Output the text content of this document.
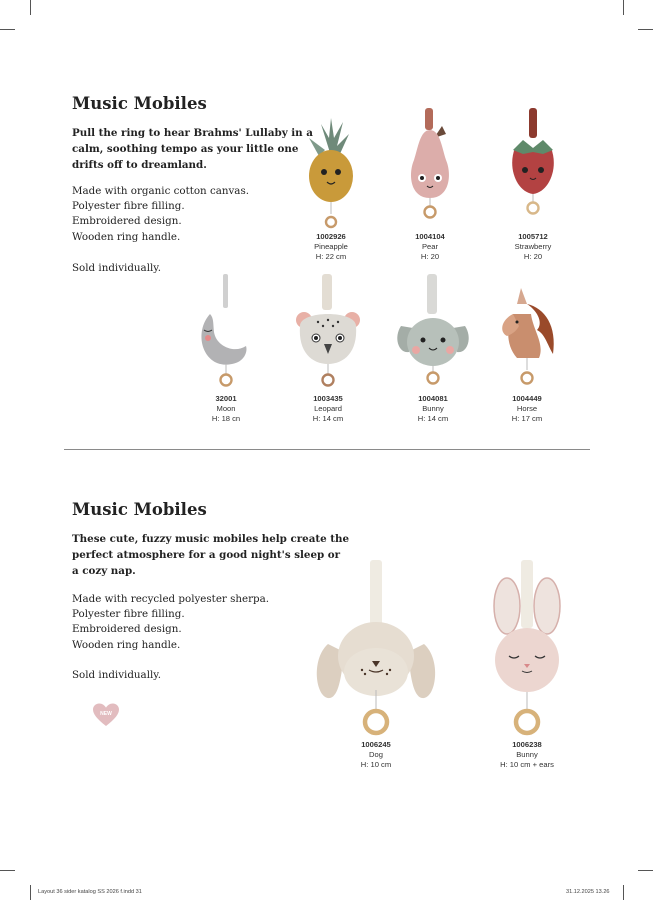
Music Mobiles
Pull the ring to hear Brahms' Lullaby in a
calm, soothing tempo as your little one
drifts off to dreamland.
Made with organic cotton canvas.
Polyester fibre filling.
Embroidered design.
Wooden ring handle.
Sold individually.
1002926
Pineapple
H: 22 cm
1004104
Pear
H: 20
1005712
Strawberry
H: 20
32001
Moon
H: 18 cn
1003435
Leopard
H: 14 cm
1004081
Bunny
H: 14 cm
1004449
Horse
H: 17 cm
Music Mobiles
These cute, fuzzy music mobiles help create the
perfect atmosphere for a good night's sleep or
a cozy nap.
Made with recycled polyester sherpa.
Polyester fibre filling.
Embroidered design.
Wooden ring handle.
Sold individually.
NEW
1006245
Dog
H: 10 cm
1006238
Bunny
H: 10 cm + ears
Layout 36 sider katalog SS 2026 f.indd 31	31.12.2025 13.26
